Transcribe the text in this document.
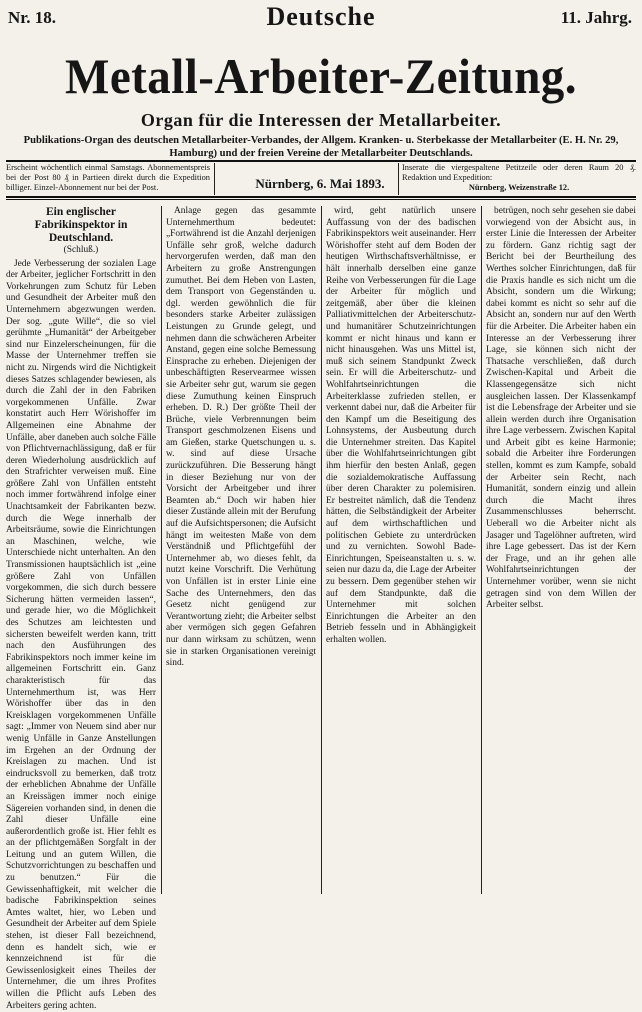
Nr. 18.	Deutsche	11. Jahrg.
Metall-Arbeiter-Zeitung.
Organ für die Interessen der Metallarbeiter.
Publikations-Organ des deutschen Metallarbeiter-Verbandes, der Allgem. Kranken- u. Sterbekasse der Metallarbeiter (E. H. Nr. 29, Hamburg) und der freien Vereine der Metallarbeiter Deutschlands.
Erscheint wöchentlich einmal Samstags. Abonnementspreis bei der Post 80 ₰ in Partieen direkt durch die Expedition billiger. Einzel-Abonnement nur bei der Post.	Nürnberg, 6. Mai 1893.
Inserate die viergespaltene Petitzeile oder deren Raum 20 ₰. Redaktion und Expedition:
Nürnberg, Weizenstraße 12.

Ein englischer Fabrikinspektor in Deutschland.

(Schluß.)

Jede Verbesserung der sozialen Lage der Arbeiter, jeglicher Fortschritt in den Vorkehrungen zum Schutz für Leben und Gesundheit der Arbeiter muß den Unternehmern abgezwungen werden. Der sog. „gute Wille“, die so viel gerühmte „Humanität“ der Arbeitgeber sind nur Einzelerscheinungen, für die Masse der Unternehmer treffen sie nicht zu. Nirgends wird die Nichtigkeit dieses Satzes schlagender bewiesen, als durch die Zahl der in den Fabriken vorgekommenen Unfälle. Zwar konstatirt auch Herr Wörishoffer im Allgemeinen eine Abnahme der Unfälle, aber daneben auch solche Fälle von Pflichtvernachlässigung, daß er für deren Wiederholung ausdrücklich auf den Strafrichter verweisen muß. Eine größere Zahl von Unfällen entsteht noch immer fortwährend infolge einer Unachtsamkeit der Fabrikanten bezw. durch die Wege innerhalb der Arbeitsräume, sowie die Einrichtungen an Maschinen, welche, wie Unterschiede nicht unterhalten. An den Transmissionen hauptsächlich ist „eine größere Zahl von Unfällen vorgekommen, die sich durch bessere Sicherung hätten vermeiden lassen“, und gerade hier, wo die Möglichkeit des Schutzes am leichtesten und sichersten beweifelt werden kann, tritt nach den Ausführungen des Fabrikinspektors noch immer keine im allgemeinen Fortschritt ein. Ganz charakteristisch für das Unternehmerthum ist, was Herr Wörishoffer über das in den Kreisklagen vorgekommenen Unfälle sagt: „Immer von Neuem sind aber nur wenig Unfälle in Ganze Anstellungen im Ergehen an der Ordnung der Kreislagen zu machen. Und ist eindrucksvoll zu bemerken, daß trotz der erheblichen Abnahme der Unfälle an Kreissägen immer noch einige Sägereien vorhanden sind, in denen die Zahl dieser Unfälle eine außerordentlich große ist. Hier fehlt es an der pflichtgemäßen Sorgfalt in der Leitung und an gutem Willen, die Schutzvorrichtungen zu beschaffen und zu benutzen.“ Für die Gewissenhaftigkeit, mit welcher die badische Fabrikinspektion seines Amtes waltet, hier, wo Leben und Gesundheit der Arbeiter auf dem Spiele stehen, ist dieser Fall bezeichnend, denn es handelt sich, wie er kennzeichnend ist für die Gewissenlosigkeit eines Theiles der Unternehmer, die um ihres Profites willen die Pflicht aufs Leben des Arbeiters gering achten.

Anlage gegen das gesammte Unternehmerthum bedeutet: „Fortwährend ist die Anzahl derjenigen Unfälle sehr groß, welche dadurch hervorgerufen werden, daß man den Arbeitern zu große Anstrengungen zumuthet. Bei dem Heben von Lasten, dem Transport von Gegenständen u. dgl. werden gewöhnlich die für besonders starke Arbeiter zulässigen Leistungen zu Grunde gelegt, und nehmen dann die schwächeren Arbeiter Anstand, gegen eine solche Bemessung Einsprache zu erheben. Diejenigen der unbeschäftigten Reservearmee wissen sie Arbeiter sehr gut, warum sie gegen diese Zumuthung keinen Einspruch erheben. D. R.) Der größte Theil der Brüche, viele Verbrennungen beim Transport geschmolzenen Eisens und am Gießen, starke Quetschungen u. s. w. sind auf diese Ursache zurückzuführen. Die Besserung hängt in dieser Beziehung nur von der Vorsicht der Arbeitgeber und ihrer Beamten ab.“ Doch wir haben hier dieser Zustände allein mit der Berufung auf die Aufsichtspersonen; die Aufsicht hängt im weitesten Maße von dem Verständniß und Pflichtgefühl der Unternehmer ab, wo dieses fehlt, da nutzt keine Vorschrift. Die Verhütung von Unfällen ist in erster Linie eine Sache des Unternehmers, den das Gesetz nicht genügend zur Verantwortung zieht; die Arbeiter selbst aber vermögen sich gegen Gefahren nur dann wirksam zu schützen, wenn sie in starken Organisationen vereinigt sind.

wird, geht natürlich unsere Auffassung von der des badischen Fabrikinspektors weit auseinander. Herr Wörishoffer steht auf dem Boden der heutigen Wirthschaftsverhältnisse, er hält innerhalb derselben eine ganze Reihe von Verbesserungen für die Lage der Arbeiter für möglich und zeitgemäß, aber über die kleinen Palliativmittelchen der Arbeiterschutz- und humanitärer Schutzeinrichtungen kommt er nicht hinaus und kann er nicht hinausgehen. Was uns Mittel ist, muß sich seinem Standpunkt Zweck sein. Er will die Arbeiterschutz- und Wohlfahrtseinrichtungen die Arbeiterklasse zufrieden stellen, er verkennt dabei nur, daß die Arbeiter für den Kampf um die Beseitigung des Lohnsystems, der Ausbeutung durch die Unternehmer streiten. Das Kapitel über die Wohlfahrtseinrichtungen gibt ihm hierfür den besten Anlaß, gegen die sozialdemokratische Auffassung über deren Charakter zu polemisiren. Er bestreitet nämlich, daß die Tendenz hätten, die Selbständigkeit der Arbeiter auf dem wirthschaftlichen und politischen Gebiete zu unterdrücken und zu vernichten. Sowohl Bade-Einrichtungen, Speiseanstalten u. s. w. seien nur dazu da, die Lage der Arbeiter zu bessern. Dem gegenüber stehen wir auf dem Standpunkte, daß die Unternehmer mit solchen Einrichtungen die Arbeiter an den Betrieb fesseln und in Abhängigkeit erhalten wollen.

betrügen, noch sehr gesehen sie dabei vorwiegend von der Absicht aus, in erster Linie die Interessen der Arbeiter zu fördern. Ganz richtig sagt der Bericht bei der Beurtheilung des Werthes solcher Einrichtungen, daß für die Praxis handle es sich nicht um die Absicht, sondern um die Wirkung; dabei kommt es nicht so sehr auf die Absicht an, sondern nur auf den Werth für die Arbeiter. Die Arbeiter haben ein Interesse an der Verbesserung ihrer Lage, sie können sich nicht der Thatsache verschließen, daß durch Zwischen-Kapital und Arbeit die Klassengegensätze sich nicht ausgleichen lassen. Der Klassenkampf ist die Lebensfrage der Arbeiter und sie allein werden durch ihre Organisation ihre Lage verbessern. Zwischen Kapital und Arbeit gibt es keine Harmonie; sobald die Arbeiter ihre Forderungen stellen, kommt es zum Kampfe, sobald der Arbeiter sein Recht, nach Humanität, sondern einzig und allein durch die Macht ihres Zusammenschlusses beherrscht. Ueberall wo die Arbeiter nicht als Jasager und Tagelöhner auftreten, wird ihre Lage gebessert. Das ist der Kern der Frage, und an ihr gehen alle Wohlfahrtseinrichtungen der Unternehmer vorüber, wenn sie nicht getragen sind von dem Willen der Arbeiter selbst.
